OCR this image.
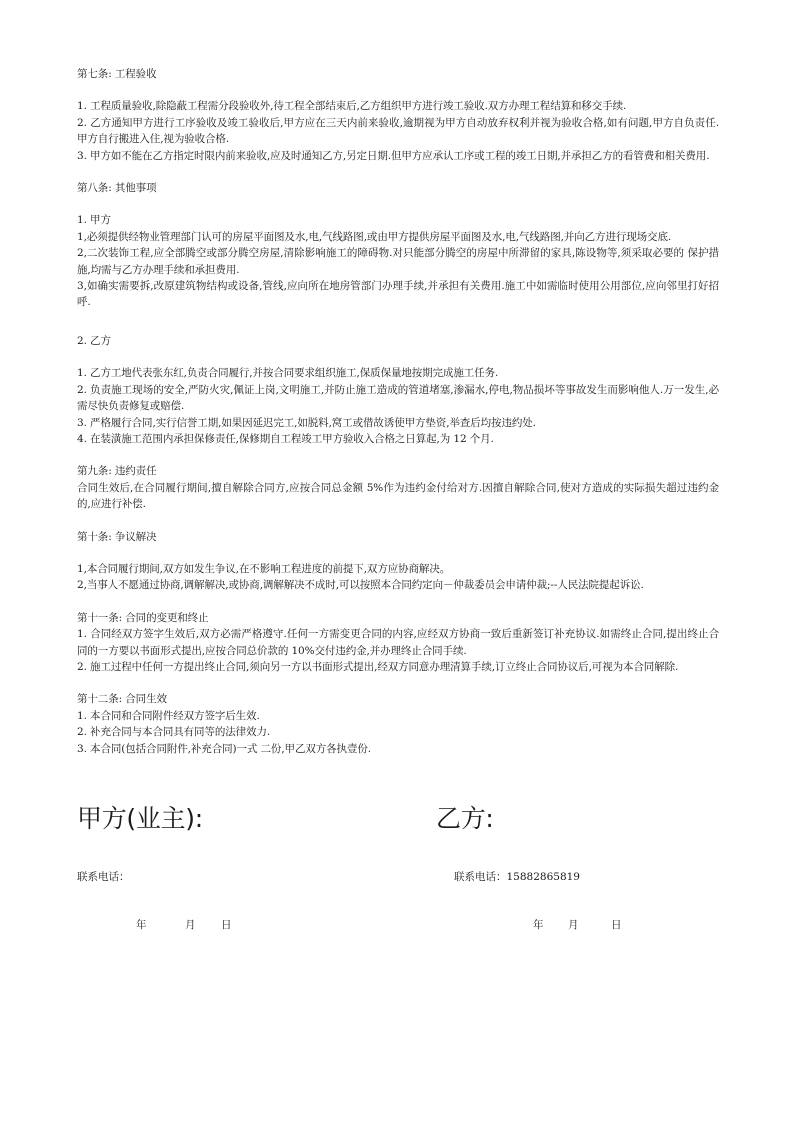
第七条: 工程验收

1. 工程质量验收,除隐蔽工程需分段验收外,待工程全部结束后,乙方组织甲方进行竣工验收.双方办理工程结算和移交手续.

2. 乙方通知甲方进行工序验收及竣工验收后,甲方应在三天内前来验收,逾期视为甲方自动放弃权利并视为验收合格,如有问题,甲方自负责任.甲方自行搬进入住,视为验收合格.

3. 甲方如不能在乙方指定时限内前来验收,应及时通知乙方,另定日期.但甲方应承认工序或工程的竣工日期,并承担乙方的看管费和相关费用.

第八条: 其他事项

1. 甲方

1,必须提供经物业管理部门认可的房屋平面图及水,电,气线路图,或由甲方提供房屋平面图及水,电,气线路图,并向乙方进行现场交底.

2,二次装饰工程,应全部腾空或部分腾空房屋,清除影响施工的障碍物.对只能部分腾空的房屋中所滞留的家具,陈设物等,须采取必要的 保护措施,均需与乙方办理手续和承担费用.

3,如确实需要拆,改原建筑物结构或设备,管线,应向所在地房管部门办理手续,并承担有关费用.施工中如需临时使用公用部位,应向邻里打好招呼.

2. 乙方

1. 乙方工地代表张东红,负责合同履行,并按合同要求组织施工,保质保量地按期完成施工任务.

2. 负责施工现场的安全,严防火灾,佩证上岗,文明施工,并防止施工造成的管道堵塞,渗漏水,停电,物品损坏等事故发生而影响他人.万一发生,必需尽快负责修复或赔偿.

3. 严格履行合同,实行信誉工期,如果因延迟完工,如脱料,窝工或借故诱使甲方垫资,举查后均按违约处.

4. 在装潢施工范围内承担保修责任,保修期自工程竣工甲方验收入合格之日算起,为 12 个月.

第九条: 违约责任

合同生效后,在合同履行期间,擅自解除合同方,应按合同总金额 5%作为违约金付给对方.因擅自解除合同,使对方造成的实际损失超过违约金的,应进行补偿.

第十条: 争议解决

1,本合同履行期间,双方如发生争议,在不影响工程进度的前提下,双方应协商解决。

2,当事人不愿通过协商,调解解决,或协商,调解解决不成时,可以按照本合同约定向－仲裁委员会申请仲裁;--人民法院提起诉讼.

第十一条: 合同的变更和终止

1. 合同经双方签字生效后,双方必需严格遵守.任何一方需变更合同的内容,应经双方协商一致后重新签订补充协议.如需终止合同,提出终止合同的一方要以书面形式提出,应按合同总价款的 10%交付违约金,并办理终止合同手续.

2. 施工过程中任何一方提出终止合同,须向另一方以书面形式提出,经双方同意办理清算手续,订立终止合同协议后,可视为本合同解除.

第十二条: 合同生效

1. 本合同和合同附件经双方签字后生效.

2. 补充合同与本合同具有同等的法律效力.

3. 本合同(包括合同附件,补充合同)一式 二份,甲乙双方各执壹份.

甲方(业主):	乙方:
联系电话：	联系电话：15882865819
年	月 日	年 月	日
